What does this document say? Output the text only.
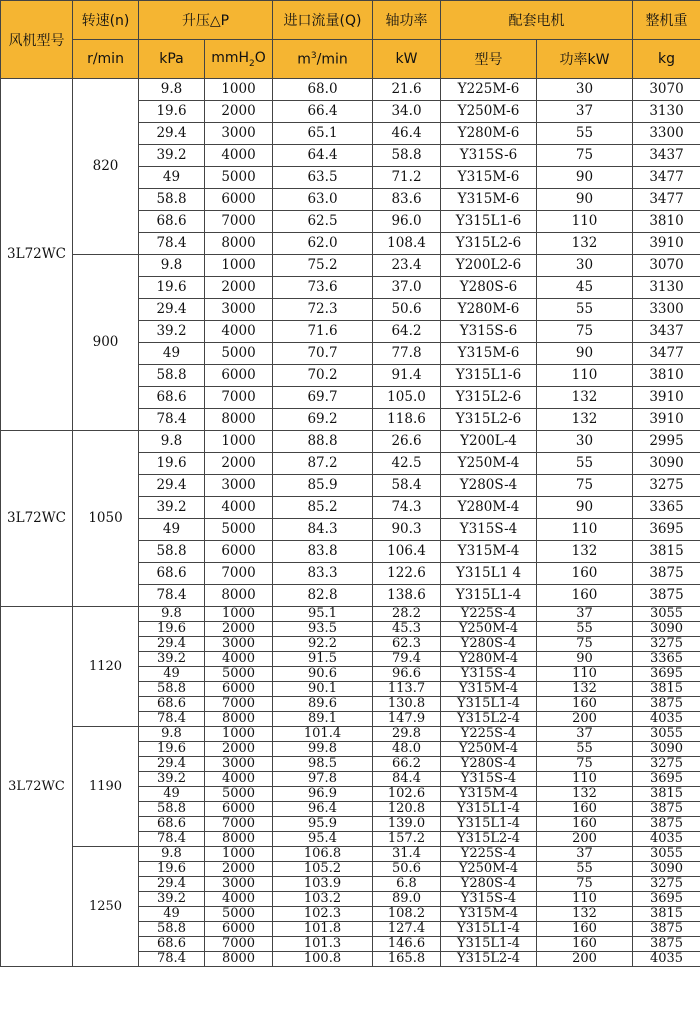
风机型号	转速(n)	升压△P		进口流量(Q)	轴功率	配套电机		整机重
	r/min	kPa	mmH$_2$O	$m^3/\min$	kW	型号	功率kW	kg
3L72WC	820	9.8	1000	68.0	21.6	Y225M-6	30	3070
		19.6	2000	66.4	34.0	Y250M-6	37	3130
		29.4	3000	65.1	46.4	Y280M-6	55	3300
		39.2	4000	64.4	58.8	Y315S-6	75	3437
		49	5000	63.5	71.2	Y315M-6	90	3477
		58.8	6000	63.0	83.6	Y315M-6	90	3477
		68.6	7000	62.5	96.0	Y315L1-6	110	3810
		78.4	8000	62.0	108.4	Y315L2-6	132	3910
	900	9.8	1000	75.2	23.4	Y200L2-6	30	3070
		19.6	2000	73.6	37.0	Y280S-6	45	3130
		29.4	3000	72.3	50.6	Y280M-6	55	3300
		39.2	4000	71.6	64.2	Y315S-6	75	3437
		49	5000	70.7	77.8	Y315M-6	90	3477
		58.8	6000	70.2	91.4	Y315L1-6	110	3810
		68.6	7000	69.7	105.0	Y315L2-6	132	3910
		78.4	8000	69.2	118.6	Y315L2-6	132	3910
3L72WC	1050	9.8	1000	88.8	26.6	Y200L-4	30	2995
		19.6	2000	87.2	42.5	Y250M-4	55	3090
		29.4	3000	85.9	58.4	Y280S-4	75	3275
		39.2	4000	85.2	74.3	Y280M-4	90	3365
		49	5000	84.3	90.3	Y315S-4	110	3695
		58.8	6000	83.8	106.4	Y315M-4	132	3815
		68.6	7000	83.3	122.6	Y315L1 4	160	3875
		78.4	8000	82.8	138.6	Y315L1-4	160	3875
3L72WC	1120	9.8	1000	95.1	28.2	Y225S-4	37	3055
		19.6	2000	93.5	45.3	Y250M-4	55	3090
		29.4	3000	92.2	62.3	Y280S-4	75	3275
		39.2	4000	91.5	79.4	Y280M-4	90	3365
		49	5000	90.6	96.6	Y315S-4	110	3695
		58.8	6000	90.1	113.7	Y315M-4	132	3815
		68.6	7000	89.6	130.8	Y315L1-4	160	3875
		78.4	8000	89.1	147.9	Y315L2-4	200	4035
	1190	9.8	1000	101.4	29.8	Y225S-4	37	3055
		19.6	2000	99.8	48.0	Y250M-4	55	3090
		29.4	3000	98.5	66.2	Y280S-4	75	3275
		39.2	4000	97.8	84.4	Y315S-4	110	3695
		49	5000	96.9	102.6	Y315M-4	132	3815
		58.8	6000	96.4	120.8	Y315L1-4	160	3875
		68.6	7000	95.9	139.0	Y315L1-4	160	3875
		78.4	8000	95.4	157.2	Y315L2-4	200	4035
	1250	9.8	1000	106.8	31.4	Y225S-4	37	3055
		19.6	2000	105.2	50.6	Y250M-4	55	3090
		29.4	3000	103.9	6.8	Y280S-4	75	3275
		39.2	4000	103.2	89.0	Y315S-4	110	3695
		49	5000	102.3	108.2	Y315M-4	132	3815
		58.8	6000	101.8	127.4	Y315L1-4	160	3875
		68.6	7000	101.3	146.6	Y315L1-4	160	3875
		78.4	8000	100.8	165.8	Y315L2-4	200	4035
